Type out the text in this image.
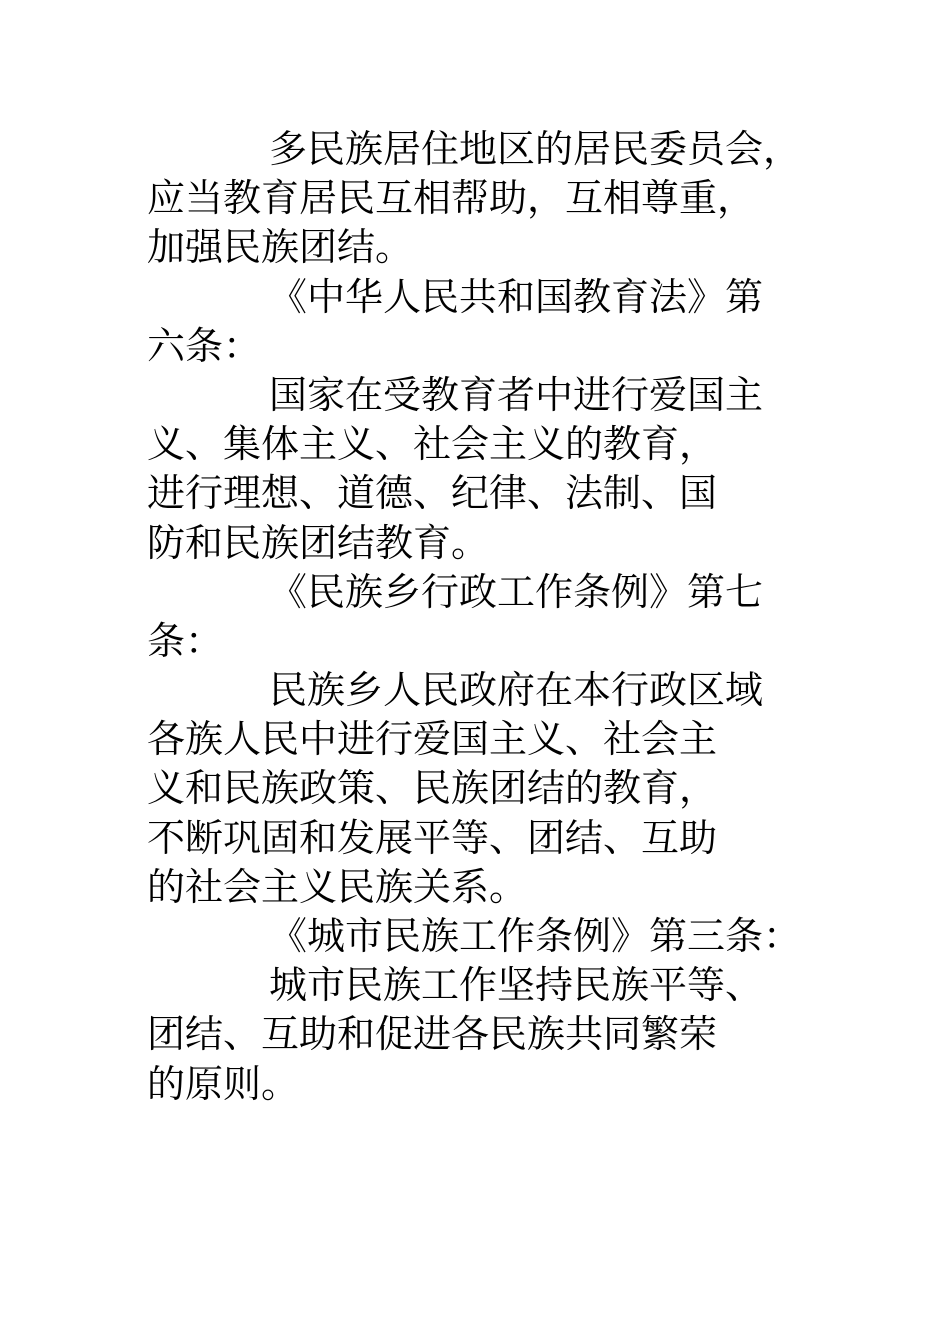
多民族居住地区的居民委员会，
应当教育居民互相帮助，互相尊重，
加强民族团结。
《中华人民共和国教育法》第
六条：
国家在受教育者中进行爱国主
义、集体主义、社会主义的教育，
进行理想、道德、纪律、法制、国
防和民族团结教育。
《民族乡行政工作条例》第七
条：
民族乡人民政府在本行政区域
各族人民中进行爱国主义、社会主
义和民族政策、民族团结的教育，
不断巩固和发展平等、团结、互助
的社会主义民族关系。
《城市民族工作条例》第三条：
城市民族工作坚持民族平等、
团结、互助和促进各民族共同繁荣
的原则。
